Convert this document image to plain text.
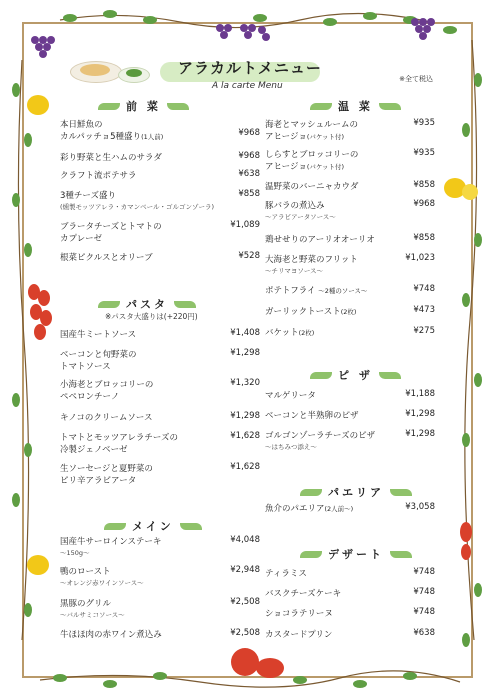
アラカルトメニュー
A la carte Menu
※全て税込
前 菜
本日鮮魚の
カルパッチョ5種盛り(1人前)	¥968
彩り野菜と生ハムのサラダ	¥968
クラフト流ポテサラ	¥638
3種チーズ盛り
(燻製モッツアレラ・カマンベール・ゴルゴンゾーラ)
¥858
ブラータチーズとトマトの
カプレーゼ
¥1,089
根菜ピクルスとオリーブ	¥528
パスタ
※パスタ大盛りは(+220円)
国産牛ミートソース	¥1,408
ベーコンと旬野菜の
トマトソース
¥1,298
小海老とブロッコリーの
ペペロンチーノ
¥1,320
キノコのクリームソース	¥1,298
トマトとモッツアレラチーズの
冷製ジェノベーゼ
¥1,628
生ソーセージと夏野菜の
ピリ辛アラビアータ
¥1,628
メイン
国産牛サーロインステーキ
〜150g〜
¥4,048
鴨のロースト
〜オレンジ赤ワインソース〜
¥2,948
黒豚のグリル
〜バルサミコソース〜
¥2,508
牛ほほ肉の赤ワイン煮込み	¥2,508
温 菜
海老とマッシュルームの
アヒージョ(バケット付)
¥935
しらすとブロッコリーの
アヒージョ(バケット付)
¥935
温野菜のバーニャカウダ	¥858
豚バラの煮込み
〜アラビアータソース〜
¥968
鶏せせりのアーリオオーリオ	¥858
大海老と野菜のフリット
〜チリマヨソース〜
¥1,023
ポテトフライ 〜2種のソース〜	¥748
ガーリックトースト(2枚)	¥473
バケット(2枚)	¥275
ピ ザ
マルゲリータ	¥1,188
ベーコンと半熟卵のピザ	¥1,298
ゴルゴンゾーラチーズのピザ
〜はちみつ添え〜
¥1,298
パエリア
魚介のパエリア(2人前〜)	¥3,058
デザート
ティラミス	¥748
バスクチーズケーキ	¥748
ショコラテリーヌ	¥748
カスタードプリン	¥638
